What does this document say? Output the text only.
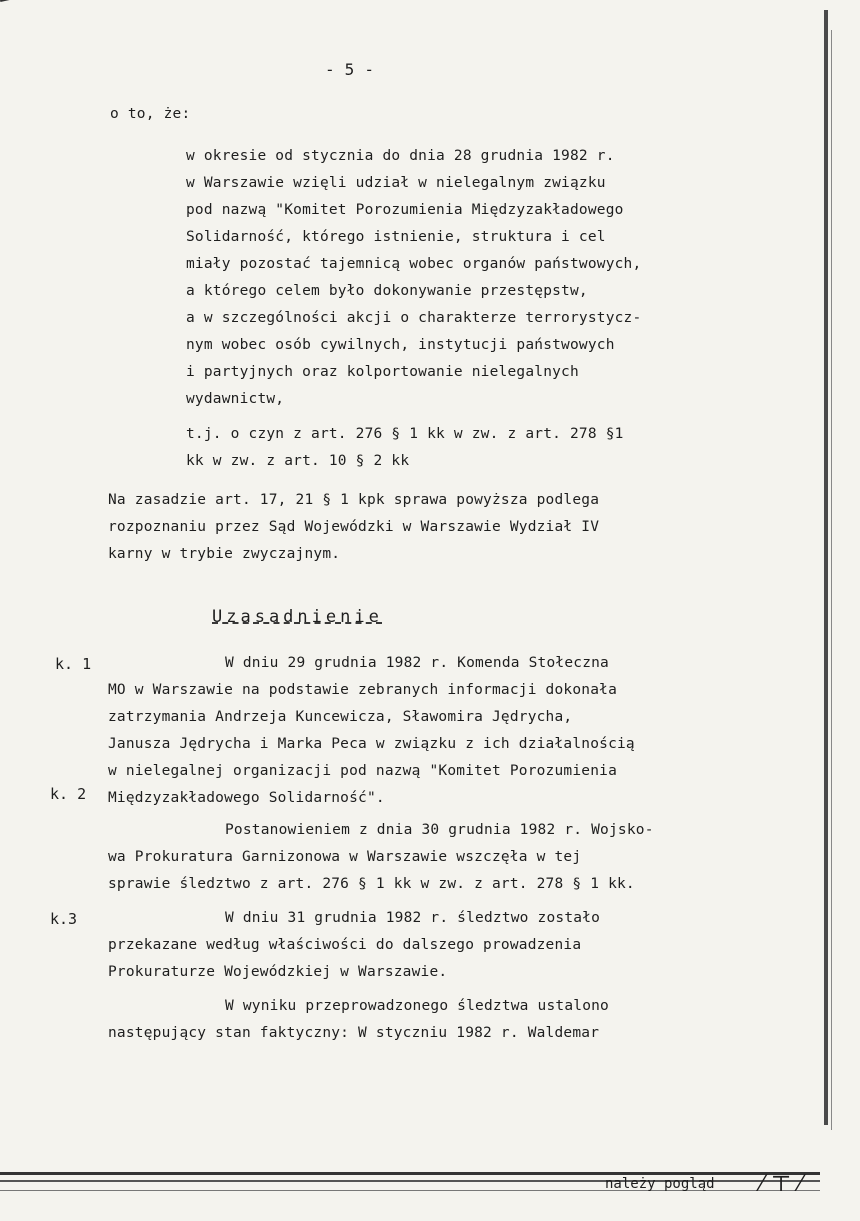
- 5 -
o to, że:
w okresie od stycznia do dnia 28 grudnia 1982 r.
w Warszawie wzięli udział w nielegalnym związku
pod nazwą "Komitet Porozumienia Międzyzakładowego
Solidarność, którego istnienie, struktura i cel
miały pozostać tajemnicą wobec organów państwowych,
a którego celem było dokonywanie przestępstw,
a w szczególności akcji o charakterze terrorystycz-
nym wobec osób cywilnych, instytucji państwowych
i partyjnych oraz kolportowanie nielegalnych
wydawnictw,
t.j. o czyn z art. 276 § 1 kk w zw. z art. 278 §1
kk w zw. z art. 10 § 2 kk
Na zasadzie art. 17, 21 § 1 kpk sprawa powyższa podlega
rozpoznaniu przez Sąd Wojewódzki w Warszawie Wydział IV
karny w trybie zwyczajnym.
Uzasadnienie
k. 1
k. 2
k.3
W dniu 29 grudnia 1982 r. Komenda Stołeczna
MO w Warszawie na podstawie zebranych informacji dokonała
zatrzymania Andrzeja Kuncewicza, Sławomira Jędrycha,
Janusza Jędrycha i Marka Peca w związku z ich działalnością
w nielegalnej organizacji pod nazwą "Komitet Porozumienia
Międzyzakładowego Solidarność".
Postanowieniem z dnia 30 grudnia 1982 r. Wojsko-
wa Prokuratura Garnizonowa w Warszawie wszczęła w tej
sprawie śledztwo z art. 276 § 1 kk w zw. z art. 278 § 1 kk.
W dniu 31 grudnia 1982 r. śledztwo zostało
przekazane według właściwości do dalszego prowadzenia
Prokuraturze Wojewódzkiej w Warszawie.
W wyniku przeprowadzonego śledztwa ustalono
następujący stan faktyczny: W styczniu 1982 r. Waldemar
należy pogląd ⁄ ⊤ ⁄
